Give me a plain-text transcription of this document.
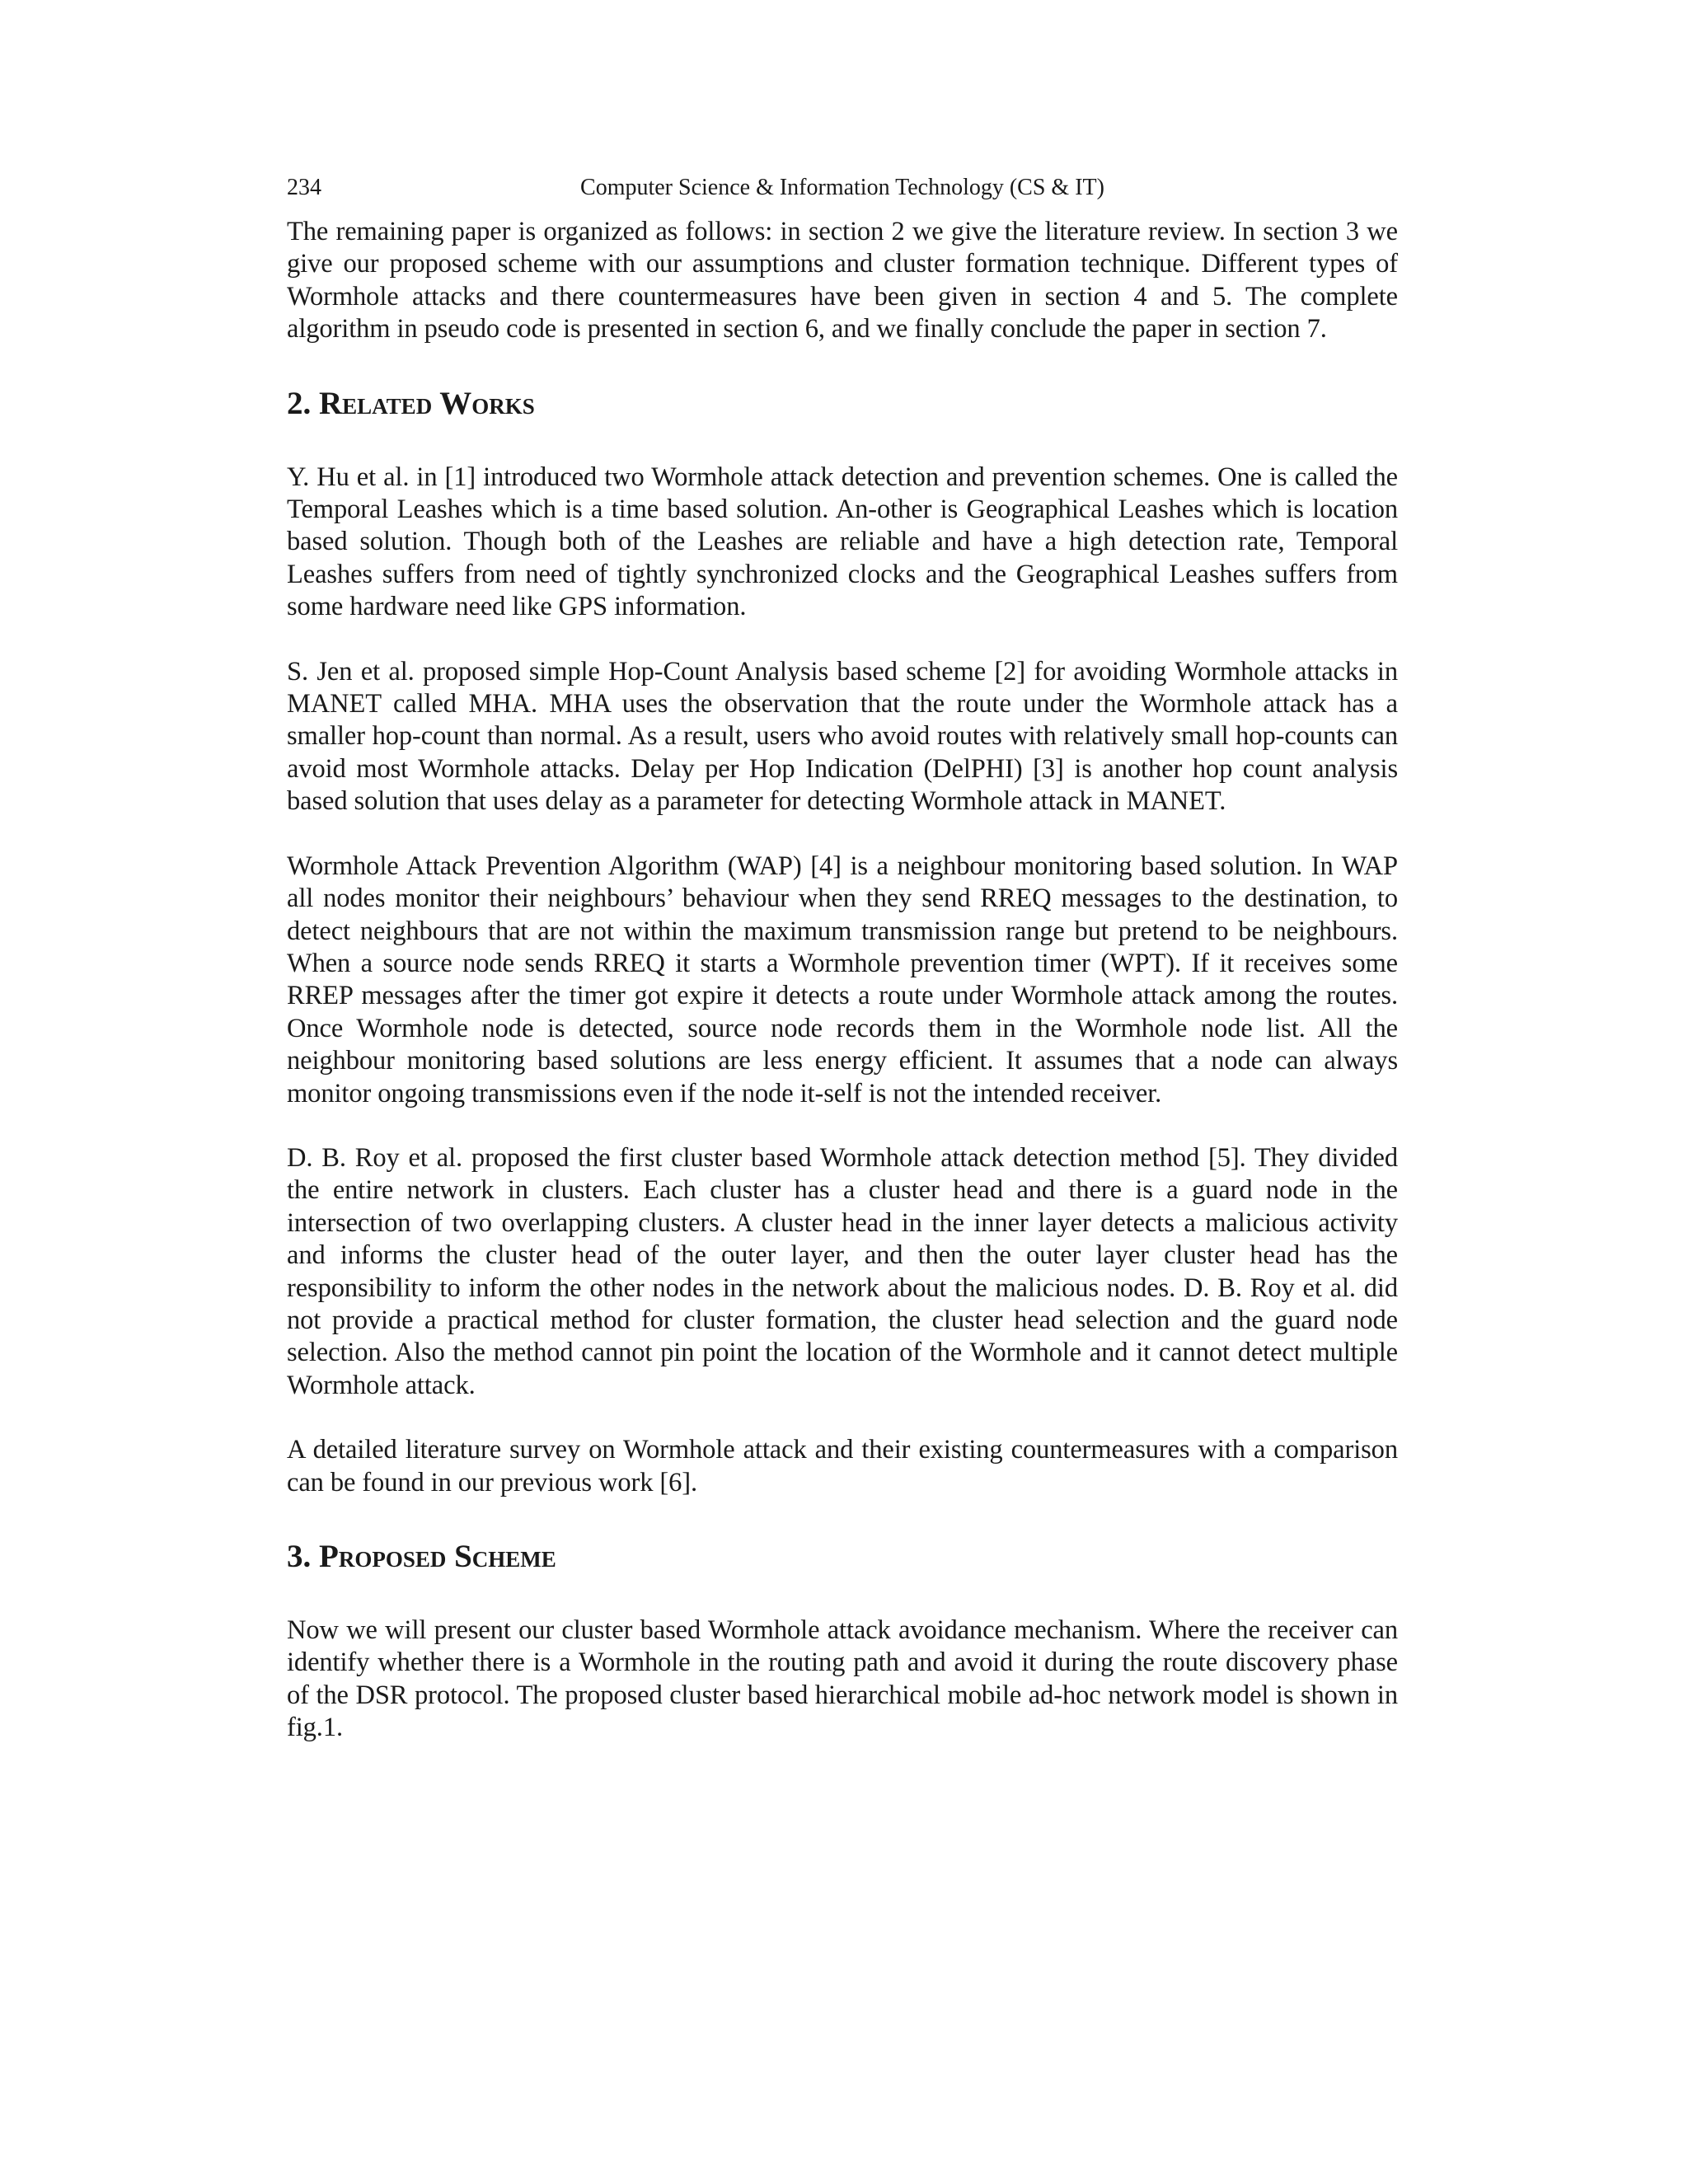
234	Computer Science & Information Technology (CS & IT)

The remaining paper is organized as follows: in section 2 we give the literature review. In section 3 we give our proposed scheme with our assumptions and cluster formation technique. Different types of Wormhole attacks and there countermeasures have been given in section 4 and 5. The complete algorithm in pseudo code is presented in section 6, and we finally conclude the paper in section 7.

2. Related Works

Y. Hu et al. in [1] introduced two Wormhole attack detection and prevention schemes. One is called the Temporal Leashes which is a time based solution. An-other is Geographical Leashes which is location based solution. Though both of the Leashes are reliable and have a high detection rate, Temporal Leashes suffers from need of tightly synchronized clocks and the Geographical Leashes suffers from some hardware need like GPS information.

S. Jen et al. proposed simple Hop-Count Analysis based scheme [2] for avoiding Wormhole attacks in MANET called MHA. MHA uses the observation that the route under the Wormhole attack has a smaller hop-count than normal. As a result, users who avoid routes with relatively small hop-counts can avoid most Wormhole attacks. Delay per Hop Indication (DelPHI) [3] is another hop count analysis based solution that uses delay as a parameter for detecting Wormhole attack in MANET.

Wormhole Attack Prevention Algorithm (WAP) [4] is a neighbour monitoring based solution. In WAP all nodes monitor their neighbours’ behaviour when they send RREQ messages to the destination, to detect neighbours that are not within the maximum transmission range but pretend to be neighbours. When a source node sends RREQ it starts a Wormhole prevention timer (WPT). If it receives some RREP messages after the timer got expire it detects a route under Wormhole attack among the routes. Once Wormhole node is detected, source node records them in the Wormhole node list. All the neighbour monitoring based solutions are less energy efficient. It assumes that a node can always monitor ongoing transmissions even if the node it-self is not the intended receiver.

D. B. Roy et al. proposed the first cluster based Wormhole attack detection method [5]. They divided the entire network in clusters. Each cluster has a cluster head and there is a guard node in the intersection of two overlapping clusters. A cluster head in the inner layer detects a malicious activity and informs the cluster head of the outer layer, and then the outer layer cluster head has the responsibility to inform the other nodes in the network about the malicious nodes. D. B. Roy et al. did not provide a practical method for cluster formation, the cluster head selection and the guard node selection. Also the method cannot pin point the location of the Wormhole and it cannot detect multiple Wormhole attack.

A detailed literature survey on Wormhole attack and their existing countermeasures with a comparison can be found in our previous work [6].

3. Proposed Scheme

Now we will present our cluster based Wormhole attack avoidance mechanism. Where the receiver can identify whether there is a Wormhole in the routing path and avoid it during the route discovery phase of the DSR protocol. The proposed cluster based hierarchical mobile ad-hoc network model is shown in fig.1.
